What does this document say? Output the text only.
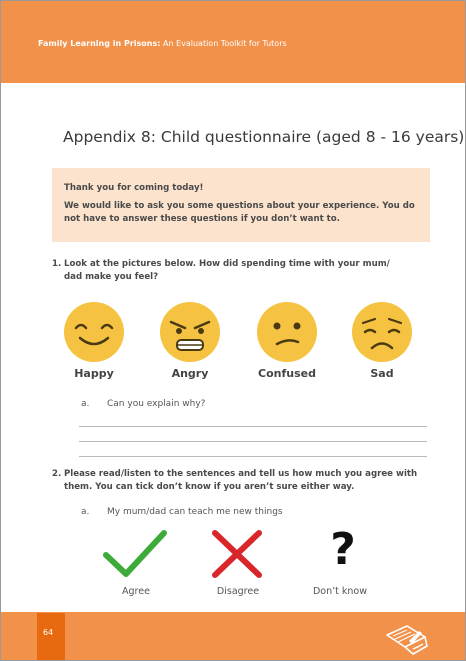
Family Learning in Prisons: An Evaluation Toolkit for Tutors
Appendix 8: Child questionnaire (aged 8 - 16 years)

Thank you for coming today!

We would like to ask you some questions about your experience. You do not have to answer these questions if you don’t want to.

1. Look at the pictures below. How did spending time with your mum/ dad make you feel?
Happy	Angry	Confused	Sad
a. Can you explain why?
2. Please read/listen to the sentences and tell us how much you agree with them. You can tick don’t know if you aren’t sure either way.
a. My mum/dad can teach me new things
?
Agree	Disagree	Don’t know
64
